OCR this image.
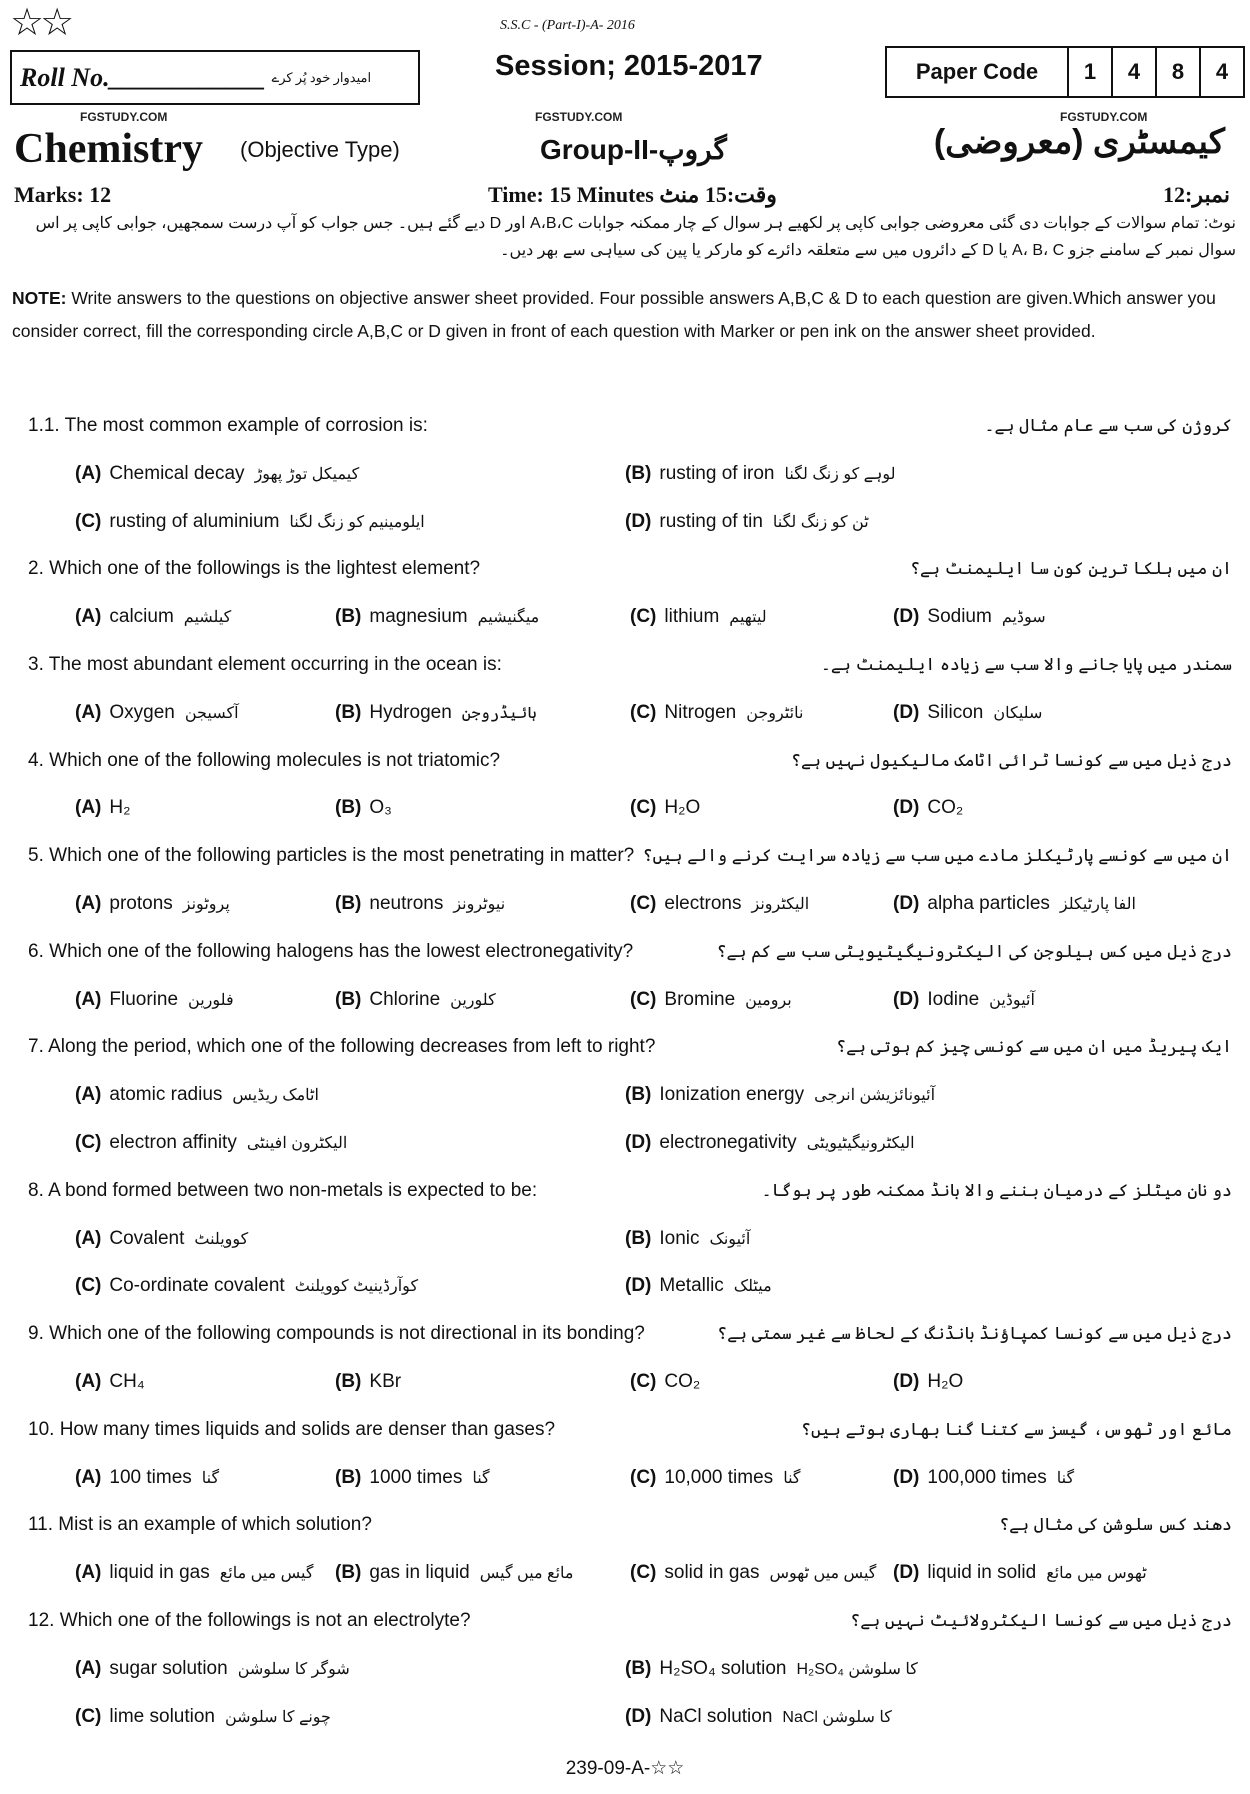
☆☆	S.S.C - (Part-I)-A- 2016
Roll No.____________ امیدوار خود پُر کرے	Session; 2015-2017	Paper Code	1	4	8	4
FGSTUDY.COM	FGSTUDY.COM	FGSTUDY.COM
Chemistry (Objective Type)	Group-II-گروپ	کیمسٹری (معروضی)
Marks: 12	Time: 15 Minutes وقت:15 منٹ	نمبر:12
نوٹ: تمام سوالات کے جوابات دی گئی معروضی جوابی کاپی پر لکھیے ہر سوال کے چار ممکنہ جوابات A،B،C اور D دیے گئے ہیں۔ جس جواب کو آپ درست سمجھیں، جوابی کاپی پر اس سوال نمبر کے سامنے جزو A، B، C یا D کے دائروں میں سے متعلقہ دائرے کو مارکر یا پین کی سیاہی سے بھر دیں۔
NOTE: Write answers to the questions on objective answer sheet provided. Four possible answers A,B,C & D to each question are given.Which answer you consider correct, fill the corresponding circle A,B,C or D given in front of each question with Marker or pen ink on the answer sheet provided.
1.1. The most common example of corrosion is:	کروژن کی سب سے عام مثال ہے۔
(A) Chemical decay کیمیکل توڑ پھوڑ	(B) rusting of iron لوہے کو زنگ لگنا
(C) rusting of aluminium ایلومینیم کو زنگ لگنا	(D) rusting of tin ٹن کو زنگ لگنا
2. Which one of the followings is the lightest element?	ان میں ہلکا ترین کون سا ایلیمنٹ ہے؟
(A) calcium کیلشیم	(B) magnesium میگنیشیم	(C) lithium لیتھیم	(D) Sodium سوڈیم
3. The most abundant element occurring in the ocean is:	سمندر میں پایا جانے والا سب سے زیادہ ایلیمنٹ ہے۔
(A) Oxygen آکسیجن	(B) Hydrogen ہائیڈروجن	(C) Nitrogen نائٹروجن	(D) Silicon سلیکان
4. Which one of the following molecules is not triatomic?	درج ذیل میں سے کونسا ٹرائی اٹامک مالیکیول نہیں ہے؟
(A) H₂	(B) O₃	(C) H₂O	(D) CO₂
5. Which one of the following particles is the most penetrating in matter? ان میں سے کونسے پارٹیکلز مادے میں سب سے زیادہ سرایت کرنے والے ہیں؟
(A) protons پروٹونز	(B) neutrons نیوٹرونز	(C) electrons الیکٹرونز	(D) alpha particles الفا پارٹیکلز
6. Which one of the following halogens has the lowest electronegativity?	درج ذیل میں کس ہیلوجن کی الیکٹرونیگیٹیویٹی سب سے کم ہے؟
(A) Fluorine فلورین	(B) Chlorine کلورین	(C) Bromine برومین	(D) Iodine آئیوڈین
7. Along the period, which one of the following decreases from left to right?	ایک پیریڈ میں ان میں سے کونسی چیز کم ہوتی ہے؟
(A) atomic radius اٹامک ریڈیس	(B) Ionization energy آئیونائزیشن انرجی
(C) electron affinity الیکٹرون افینٹی	(D) electronegativity الیکٹرونیگیٹیویٹی
8. A bond formed between two non-metals is expected to be:	دو نان میٹلز کے درمیان بننے والا بانڈ ممکنہ طور پر ہوگا۔
(A) Covalent کوویلنٹ	(B) Ionic آئیونک
(C) Co-ordinate covalent کوآرڈینیٹ کوویلنٹ	(D) Metallic میٹلک
9. Which one of the following compounds is not directional in its bonding?	درج ذیل میں سے کونسا کمپاؤنڈ بانڈنگ کے لحاظ سے غیر سمتی ہے؟
(A) CH₄	(B) KBr	(C) CO₂	(D) H₂O
10. How many times liquids and solids are denser than gases?	مائع اور ٹھوس، گیسز سے کتنا گنا بھاری ہوتے ہیں؟
(A) 100 times گنا	(B) 1000 times گنا	(C) 10,000 times گنا	(D) 100,000 times گنا
11. Mist is an example of which solution?	دھند کس سلوشن کی مثال ہے؟
(A) liquid in gas گیس میں مائع (B) gas in liquid مائع میں گیس	(C) solid in gas گیس میں ٹھوس (D) liquid in solid ٹھوس میں مائع
12. Which one of the followings is not an electrolyte?	درج ذیل میں سے کونسا الیکٹرولائیٹ نہیں ہے؟
(A) sugar solution شوگر کا سلوشن	(B) H₂SO₄ solution H₂SO₄ کا سلوشن
(C) lime solution چونے کا سلوشن	(D) NaCl solution NaCl کا سلوشن
239-09-A-☆☆
